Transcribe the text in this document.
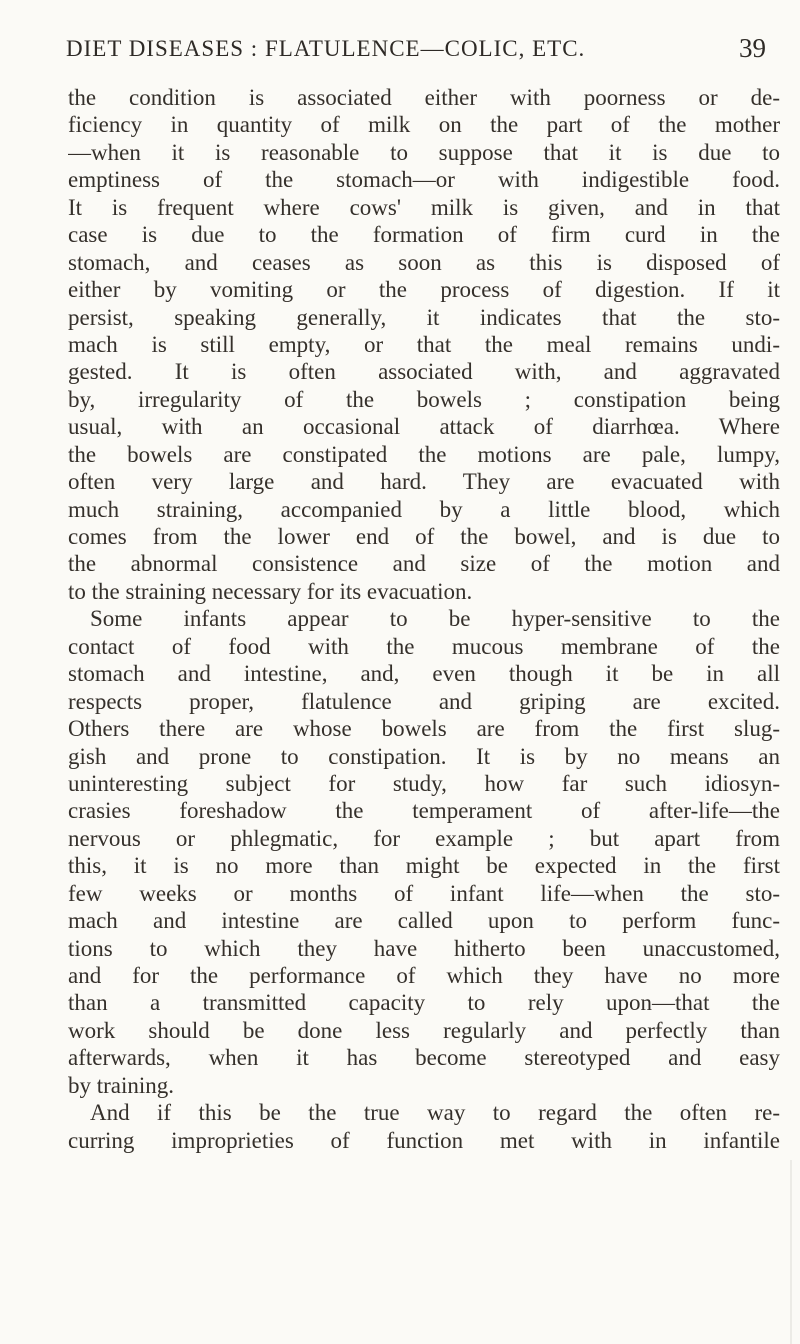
DIET DISEASES : FLATULENCE—COLIC, ETC.	39
the condition is associated either with poorness or de-
ficiency in quantity of milk on the part of the mother
—when it is reasonable to suppose that it is due to
emptiness of the stomach—or with indigestible food.
It is frequent where cows' milk is given, and in that
case is due to the formation of firm curd in the
stomach, and ceases as soon as this is disposed of
either by vomiting or the process of digestion. If it
persist, speaking generally, it indicates that the sto-
mach is still empty, or that the meal remains undi-
gested. It is often associated with, and aggravated
by, irregularity of the bowels ; constipation being
usual, with an occasional attack of diarrhœa. Where
the bowels are constipated the motions are pale, lumpy,
often very large and hard. They are evacuated with
much straining, accompanied by a little blood, which
comes from the lower end of the bowel, and is due to
the abnormal consistence and size of the motion and
to the straining necessary for its evacuation.
Some infants appear to be hyper-sensitive to the
contact of food with the mucous membrane of the
stomach and intestine, and, even though it be in all
respects proper, flatulence and griping are excited.
Others there are whose bowels are from the first slug-
gish and prone to constipation. It is by no means an
uninteresting subject for study, how far such idiosyn-
crasies foreshadow the temperament of after-life—the
nervous or phlegmatic, for example ; but apart from
this, it is no more than might be expected in the first
few weeks or months of infant life—when the sto-
mach and intestine are called upon to perform func-
tions to which they have hitherto been unaccustomed,
and for the performance of which they have no more
than a transmitted capacity to rely upon—that the
work should be done less regularly and perfectly than
afterwards, when it has become stereotyped and easy
by training.
And if this be the true way to regard the often re-
curring improprieties of function met with in infantile
